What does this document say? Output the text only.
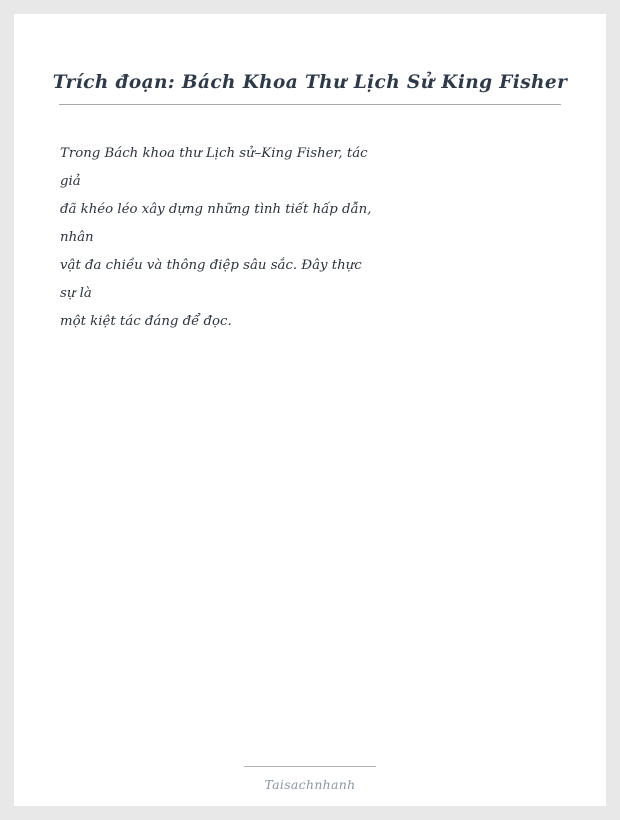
Trích đoạn: Bách Khoa Thư Lịch Sử King Fisher
Trong Bách khoa thư Lịch sử–King Fisher, tác
giả
đã khéo léo xây dựng những tình tiết hấp dẫn,
nhân
vật đa chiều và thông điệp sâu sắc. Đây thực
sự là
một kiệt tác đáng để đọc.
Taisachnhanh
